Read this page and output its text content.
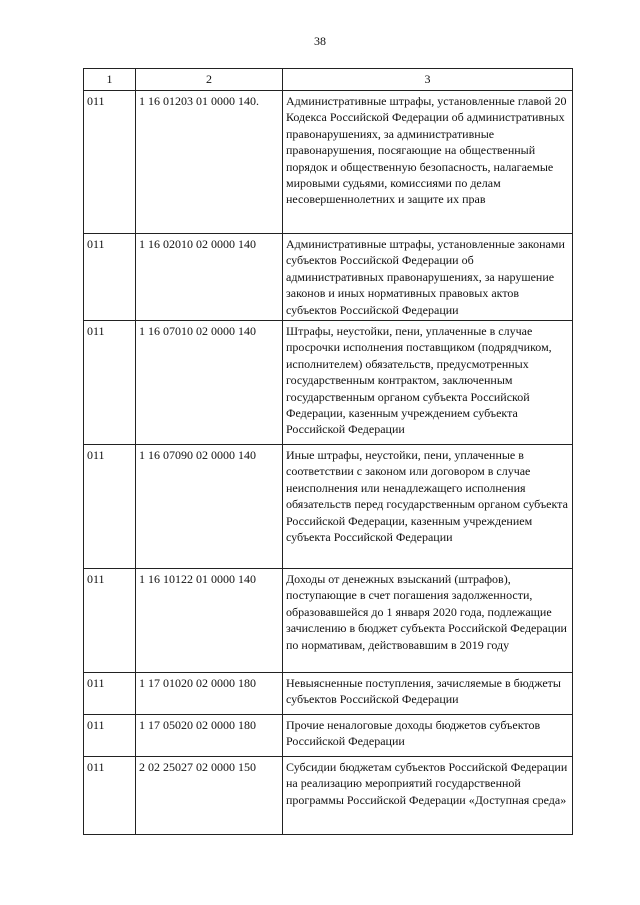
38
1	2	3
011	1 16 01203 01 0000 140.	Административные штрафы, установленные главой 20 Кодекса Российской Федерации об административных правонарушениях, за административные правонарушения, посягающие на общественный порядок и общественную безопасность, налагаемые мировыми судьями, комиссиями по делам несовершеннолетних и защите их прав
011	1 16 02010 02 0000 140	Административные штрафы, установленные законами субъектов Российской Федерации об административных правонарушениях, за нарушение законов и иных нормативных правовых актов субъектов Российской Федерации
011	1 16 07010 02 0000 140	Штрафы, неустойки, пени, уплаченные в случае просрочки исполнения поставщиком (подрядчиком, исполнителем) обязательств, предусмотренных государственным контрактом, заключенным государственным органом субъекта Российской Федерации, казенным учреждением субъекта Российской Федерации
011	1 16 07090 02 0000 140	Иные штрафы, неустойки, пени, уплаченные в соответствии с законом или договором в случае неисполнения или ненадлежащего исполнения обязательств перед государственным органом субъекта Российской Федерации, казенным учреждением субъекта Российской Федерации
011	1 16 10122 01 0000 140	Доходы от денежных взысканий (штрафов), поступающие в счет погашения задолженности, образовавшейся до 1 января 2020 года, подлежащие зачислению в бюджет субъекта Российской Федерации по нормативам, действовавшим в 2019 году
011	1 17 01020 02 0000 180	Невыясненные поступления, зачисляемые в бюджеты субъектов Российской Федерации
011	1 17 05020 02 0000 180	Прочие неналоговые доходы бюджетов субъектов Российской Федерации
011	2 02 25027 02 0000 150	Субсидии бюджетам субъектов Российской Федерации на реализацию мероприятий государственной программы Российской Федерации «Доступная среда»
